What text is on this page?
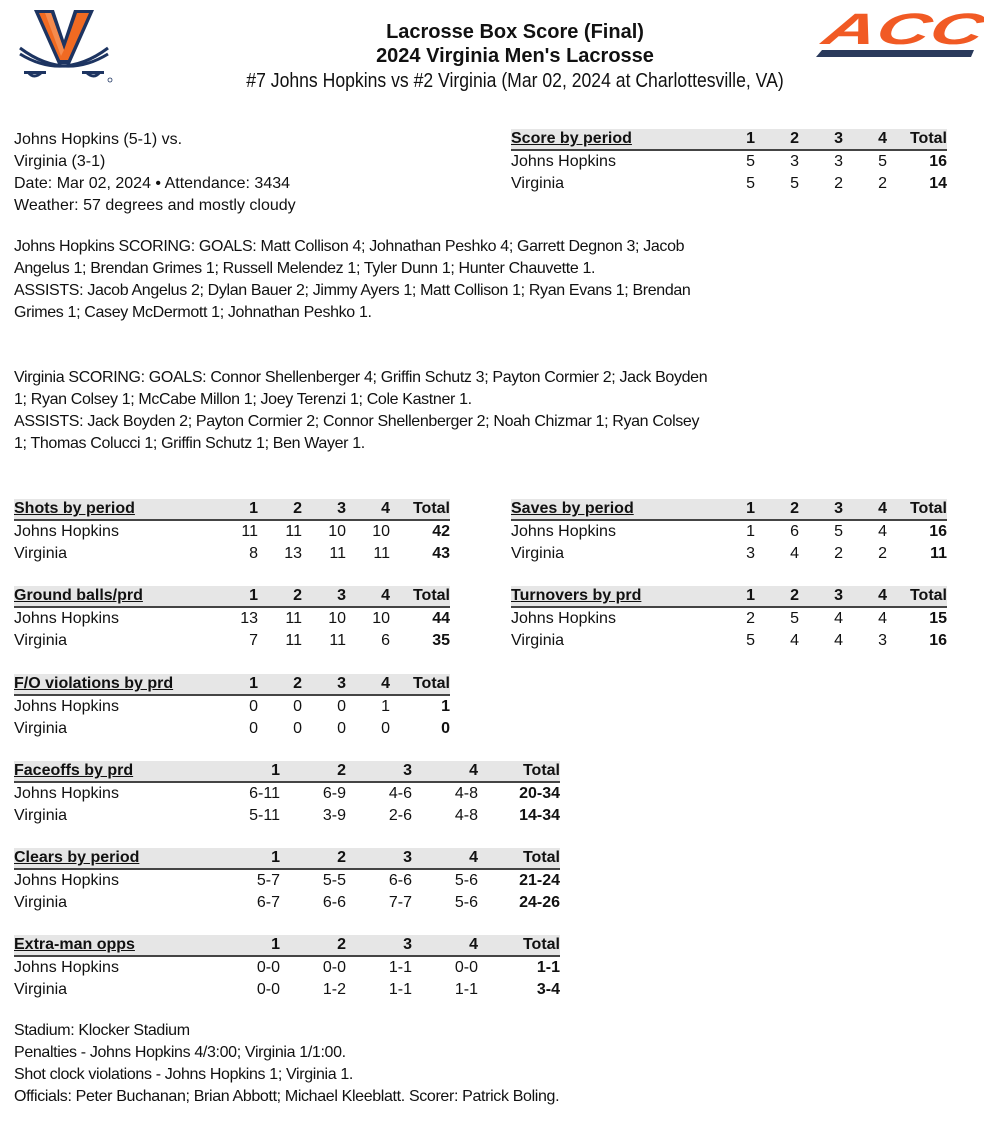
ACC
Lacrosse Box Score (Final)
2024 Virginia Men's Lacrosse
#7 Johns Hopkins vs #2 Virginia (Mar 02, 2024 at Charlottesville, VA)
Johns Hopkins (5-1) vs.
Virginia (3-1)
Date: Mar 02, 2024 • Attendance: 3434
Weather: 57 degrees and mostly cloudy
Score by period	1	2	3	4	Total
Johns Hopkins	5	3	3	5	16
Virginia	5	5	2	2	14
Shots by period	1	2	3	4	Total
Johns Hopkins	11	11	10	10	42
Virginia	8	13	11	11	43
Saves by period	1	2	3	4	Total
Johns Hopkins	1	6	5	4	16
Virginia	3	4	2	2	11
Ground balls/prd	1	2	3	4	Total
Johns Hopkins	13	11	10	10	44
Virginia	7	11	11	6	35
Turnovers by prd	1	2	3	4	Total
Johns Hopkins	2	5	4	4	15
Virginia	5	4	4	3	16
F/O violations by prd	1	2	3	4	Total
Johns Hopkins	0	0	0	1	1
Virginia	0	0	0	0	0
Faceoffs by prd	1	2	3	4	Total
Johns Hopkins	6-11	6-9	4-6	4-8	20-34
Virginia	5-11	3-9	2-6	4-8	14-34
Clears by period	1	2	3	4	Total
Johns Hopkins	5-7	5-5	6-6	5-6	21-24
Virginia	6-7	6-6	7-7	5-6	24-26
Extra-man opps	1	2	3	4	Total
Johns Hopkins	0-0	0-0	1-1	0-0	1-1
Virginia	0-0	1-2	1-1	1-1	3-4

Johns Hopkins SCORING: GOALS: Matt Collison 4; Johnathan Peshko 4; Garrett Degnon 3; Jacob Angelus 1; Brendan Grimes 1; Russell Melendez 1; Tyler Dunn 1; Hunter Chauvette 1.

ASSISTS: Jacob Angelus 2; Dylan Bauer 2; Jimmy Ayers 1; Matt Collison 1; Ryan Evans 1; Brendan Grimes 1; Casey McDermott 1; Johnathan Peshko 1.

Virginia SCORING: GOALS: Connor Shellenberger 4; Griffin Schutz 3; Payton Cormier 2; Jack Boyden 1; Ryan Colsey 1; McCabe Millon 1; Joey Terenzi 1; Cole Kastner 1.

ASSISTS: Jack Boyden 2; Payton Cormier 2; Connor Shellenberger 2; Noah Chizmar 1; Ryan Colsey 1; Thomas Colucci 1; Griffin Schutz 1; Ben Wayer 1.

Stadium: Klocker Stadium
Penalties - Johns Hopkins 4/3:00; Virginia 1/1:00.
Shot clock violations - Johns Hopkins 1; Virginia 1.
Officials: Peter Buchanan; Brian Abbott; Michael Kleeblatt. Scorer: Patrick Boling.
